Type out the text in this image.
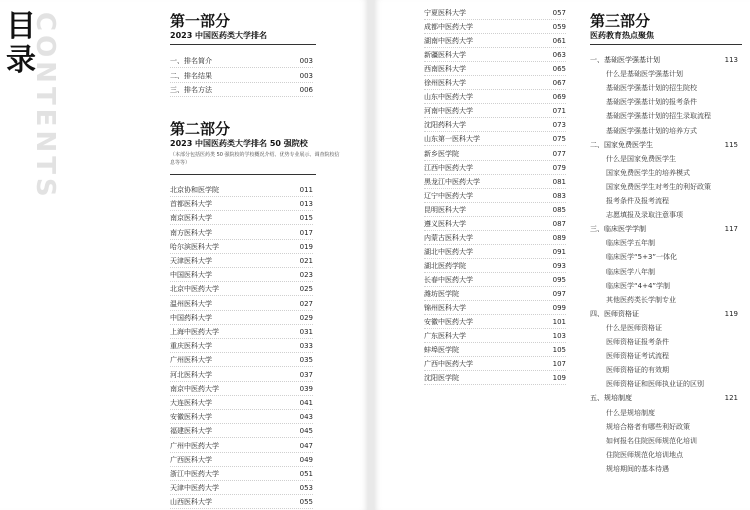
目
录
CONTENTS	第一部分
2023 中国医药类大学排名
一、排名简介	003
二、排名结果	003
三、排名方法	006
第二部分
2023 中国医药类大学排名 50 强院校
（本部分包括医药类 50 强院校的学校概况介绍、优势专业展示、调查院校信息等等）
北京协和医学院	011
首都医科大学	013
南京医科大学	015
南方医科大学	017
哈尔滨医科大学	019
天津医科大学	021
中国医科大学	023
北京中医药大学	025
温州医科大学	027
中国药科大学	029
上海中医药大学	031
重庆医科大学	033
广州医科大学	035
河北医科大学	037
南京中医药大学	039
大连医科大学	041
安徽医科大学	043
福建医科大学	045
广州中医药大学	047
广西医科大学	049
浙江中医药大学	051
天津中医药大学	053
山西医科大学	055
宁夏医科大学	057
成都中医药大学	059
湖南中医药大学	061
新疆医科大学	063
西南医科大学	065
徐州医科大学	067
山东中医药大学	069
河南中医药大学	071
沈阳药科大学	073
山东第一医科大学	075
新乡医学院	077
江西中医药大学	079
黑龙江中医药大学	081
辽宁中医药大学	083
昆明医科大学	085
遵义医科大学	087
内蒙古医科大学	089
湖北中医药大学	091
湖北医药学院	093
长春中医药大学	095
潍坊医学院	097
锦州医科大学	099
安徽中医药大学	101
广东医科大学	103
蚌埠医学院	105
广西中医药大学	107
沈阳医学院	109
第三部分
医药教育热点聚焦
一、基础医学强基计划	113
什么是基础医学强基计划
基础医学强基计划的招生院校
基础医学强基计划的报考条件
基础医学强基计划的招生录取流程
基础医学强基计划的培养方式
二、国家免费医学生	115
什么是国家免费医学生
国家免费医学生的培养模式
国家免费医学生对考生的利好政策
报考条件及报考流程
志愿填报及录取注意事项
三、临床医学学制	117
临床医学五年制
临床医学“5+3”一体化
临床医学八年制
临床医学“4+4”学制
其他医药类长学制专业
四、医师资格证	119
什么是医师资格证
医师资格证报考条件
医师资格证考试流程
医师资格证的有效期
医师资格证和医师执业证的区别
五、规培制度	121
什么是规培制度
规培合格者有哪些利好政策
如何报名住院医师规范化培训
住院医师规范化培训地点
规培期间的基本待遇
